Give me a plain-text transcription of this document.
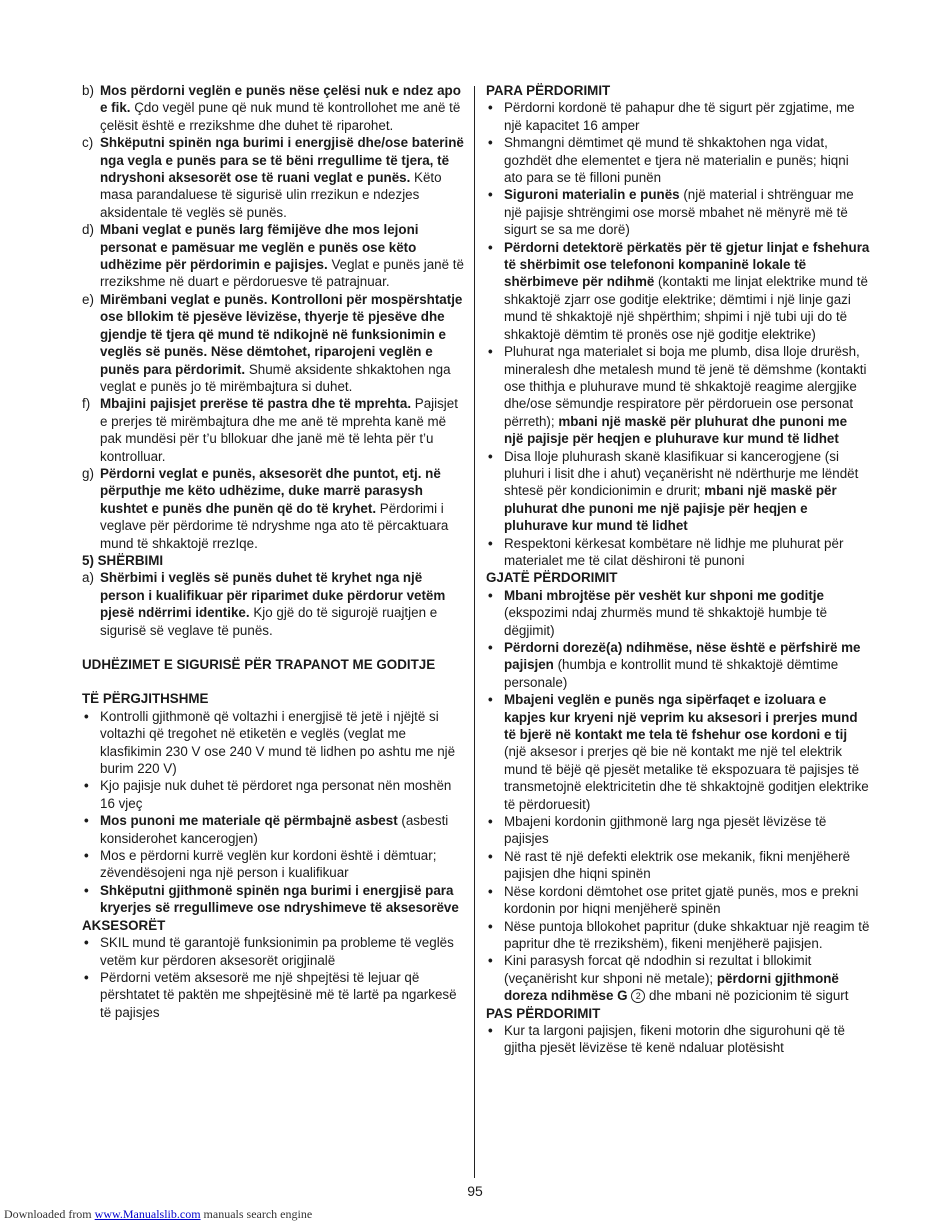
b) Mos përdorni veglën e punës nëse çelësi nuk e ndez apo e fik. Çdo vegël pune që nuk mund të kontrollohet me anë të çelësit është e rrezikshme dhe duhet të riparohet.
c) Shkëputni spinën nga burimi i energjisë dhe/ose baterinë nga vegla e punës para se të bëni rregullime të tjera, të ndryshoni aksesorët ose të ruani veglat e punës. Këto masa parandaluese të sigurisë ulin rrezikun e ndezjes aksidentale të veglës së punës.
d) Mbani veglat e punës larg fëmijëve dhe mos lejoni personat e pamësuar me veglën e punës ose këto udhëzime për përdorimin e pajisjes. Veglat e punës janë të rrezikshme në duart e përdoruesve të patrajnuar.
e) Mirëmbani veglat e punës. Kontrolloni për mospërshtatje ose bllokim të pjesëve lëvizëse, thyerje të pjesëve dhe gjendje të tjera që mund të ndikojnë në funksionimin e veglës së punës. Nëse dëmtohet, riparojeni veglën e punës para përdorimit. Shumë aksidente shkaktohen nga veglat e punës jo të mirëmbajtura si duhet.
f) Mbajini pajisjet prerëse të pastra dhe të mprehta. Pajisjet e prerjes të mirëmbajtura dhe me anë të mprehta kanë më pak mundësi për t’u bllokuar dhe janë më të lehta për t’u kontrolluar.
g) Përdorni veglat e punës, aksesorët dhe puntot, etj. në përputhje me këto udhëzime, duke marrë parasysh kushtet e punës dhe punën që do të kryhet. Përdorimi i veglave për përdorime të ndryshme nga ato të përcaktuara mund të shkaktojë rrezIqe.
5) SHËRBIMI
a) Shërbimi i veglës së punës duhet të kryhet nga një person i kualifikuar për riparimet duke përdorur vetëm pjesë ndërrimi identike. Kjo gjë do të sigurojë ruajtjen e sigurisë së veglave të punës.
UDHËZIMET E SIGURISË PËR TRAPANOT ME GODITJE
TË PËRGJITHSHME
• Kontrolli gjithmonë që voltazhi i energjisë të jetë i njëjtë si voltazhi që tregohet në etiketën e veglës (veglat me klasfikimin 230 V ose 240 V mund të lidhen po ashtu me një burim 220 V)
• Kjo pajisje nuk duhet të përdoret nga personat nën moshën 16 vjeç
• Mos punoni me materiale që përmbajnë asbest (asbesti konsiderohet kancerogjen)
• Mos e përdorni kurrë veglën kur kordoni është i dëmtuar; zëvendësojeni nga një person i kualifikuar
• Shkëputni gjithmonë spinën nga burimi i energjisë para kryerjes së rregullimeve ose ndryshimeve të aksesorëve
AKSESORËT
• SKIL mund të garantojë funksionimin pa probleme të veglës vetëm kur përdoren aksesorët origjinalë
• Përdorni vetëm aksesorë me një shpejtësi të lejuar që përshtatet të paktën me shpejtësinë më të lartë pa ngarkesë të pajisjes
PARA PËRDORIMIT
• Përdorni kordonë të pahapur dhe të sigurt për zgjatime, me një kapacitet 16 amper
• Shmangni dëmtimet që mund të shkaktohen nga vidat, gozhdët dhe elementet e tjera në materialin e punës; hiqni ato para se të filloni punën
• Siguroni materialin e punës (një material i shtrënguar me një pajisje shtrëngimi ose morsë mbahet në mënyrë më të sigurt se sa me dorë)
• Përdorni detektorë përkatës për të gjetur linjat e fshehura të shërbimit ose telefononi kompaninë lokale të shërbimeve për ndihmë (kontakti me linjat elektrike mund të shkaktojë zjarr ose goditje elektrike; dëmtimi i një linje gazi mund të shkaktojë një shpërthim; shpimi i një tubi uji do të shkaktojë dëmtim të pronës ose një goditje elektrike)
• Pluhurat nga materialet si boja me plumb, disa lloje drurësh, mineralesh dhe metalesh mund të jenë të dëmshme (kontakti ose thithja e pluhurave mund të shkaktojë reagime alergjike dhe/ose sëmundje respiratore për përdoruein ose personat përreth); mbani një maskë për pluhurat dhe punoni me një pajisje për heqjen e pluhurave kur mund të lidhet
• Disa lloje pluhurash skanë klasifikuar si kancerogjene (si pluhuri i lisit dhe i ahut) veçanërisht në ndërthurje me lëndët shtesë për kondicionimin e drurit; mbani një maskë për pluhurat dhe punoni me një pajisje për heqjen e pluhurave kur mund të lidhet
• Respektoni kërkesat kombëtare në lidhje me pluhurat për materialet me të cilat dëshironi të punoni
GJATË PËRDORIMIT
• Mbani mbrojtëse për veshët kur shponi me goditje (ekspozimi ndaj zhurmës mund të shkaktojë humbje të dëgjimit)
• Përdorni dorezë(a) ndihmëse, nëse është e përfshirë me pajisjen (humbja e kontrollit mund të shkaktojë dëmtime personale)
• Mbajeni veglën e punës nga sipërfaqet e izoluara e kapjes kur kryeni një veprim ku aksesori i prerjes mund të bjerë në kontakt me tela të fshehur ose kordoni e tij (një aksesor i prerjes që bie në kontakt me një tel elektrik mund të bëjë që pjesët metalike të ekspozuara të pajisjes të transmetojnë elektricitetin dhe të shkaktojnë goditjen elektrike të përdoruesit)
• Mbajeni kordonin gjithmonë larg nga pjesët lëvizëse të pajisjes
• Në rast të një defekti elektrik ose mekanik, fikni menjëherë pajisjen dhe hiqni spinën
• Nëse kordoni dëmtohet ose pritet gjatë punës, mos e prekni kordonin por hiqni menjëherë spinën
• Nëse puntoja bllokohet papritur (duke shkaktuar një reagim të papritur dhe të rrezikshëm), fikeni menjëherë pajisjen.
• Kini parasysh forcat që ndodhin si rezultat i bllokimit (veçanërisht kur shponi në metale); përdorni gjithmonë doreza ndihmëse G 2 dhe mbani në pozicionim të sigurt
PAS PËRDORIMIT
• Kur ta largoni pajisjen, fikeni motorin dhe sigurohuni që të gjitha pjesët lëvizëse të kenë ndaluar plotësisht
95
Downloaded from www.Manualslib.com manuals search engine
